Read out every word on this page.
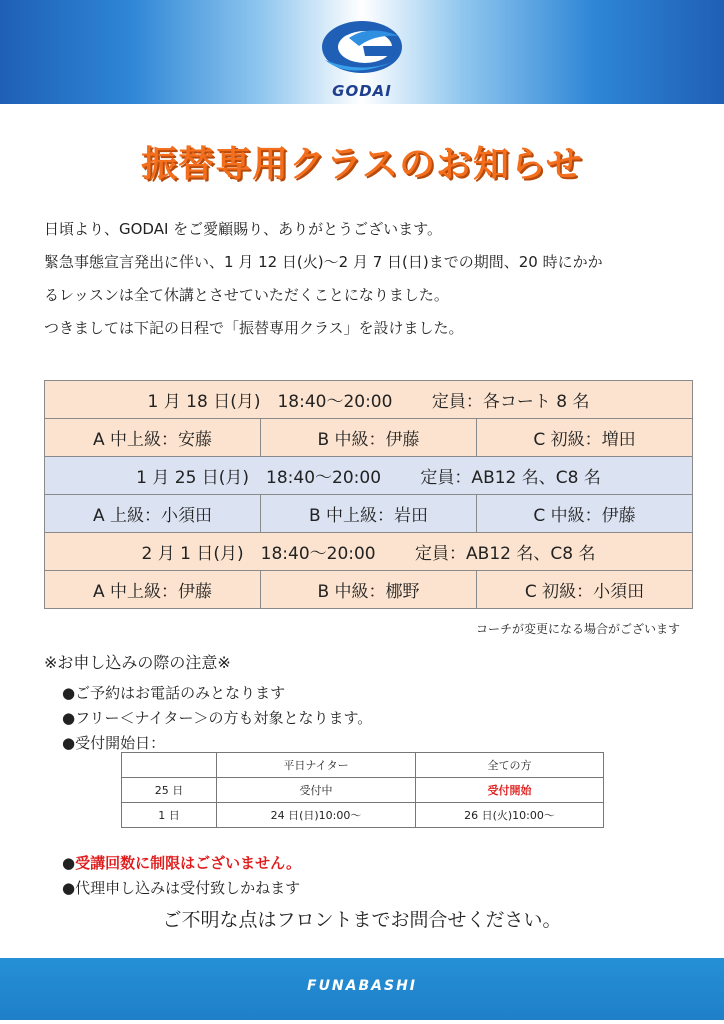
GODAI
振替専用クラスのお知らせ
日頃より、GODAI をご愛顧賜り、ありがとうございます。
緊急事態宣言発出に伴い、1 月 12 日(火)～2 月 7 日(日)までの期間、20 時にかか
るレッスンは全て休講とさせていただくことになりました。
つきましては下記の日程で「振替専用クラス」を設けました。
1 月 18 日(月)　18:40～20:00　　 定員：各コート 8 名		
A 中上級：安藤	B 中級：伊藤	C 初級：増田
1 月 25 日(月)　18:40～20:00　　 定員：AB12 名、C8 名		
A 上級：小須田	B 中上級：岩田	C 中級：伊藤
2 月 1 日(月)　18:40～20:00　　 定員：AB12 名、C8 名		
A 中上級：伊藤	B 中級：梛野	C 初級：小須田
コーチが変更になる場合がございます
※お申し込みの際の注意※
●ご予約はお電話のみとなります
●フリー＜ナイター＞の方も対象となります。
●受付開始日：
	平日ナイター	全ての方
25 日	受付中	受付開始
1 日	24 日(日)10:00～	26 日(火)10:00～
●受講回数に制限はございません。
●代理申し込みは受付致しかねます
ご不明な点はフロントまでお問合せください。
FUNABASHI
